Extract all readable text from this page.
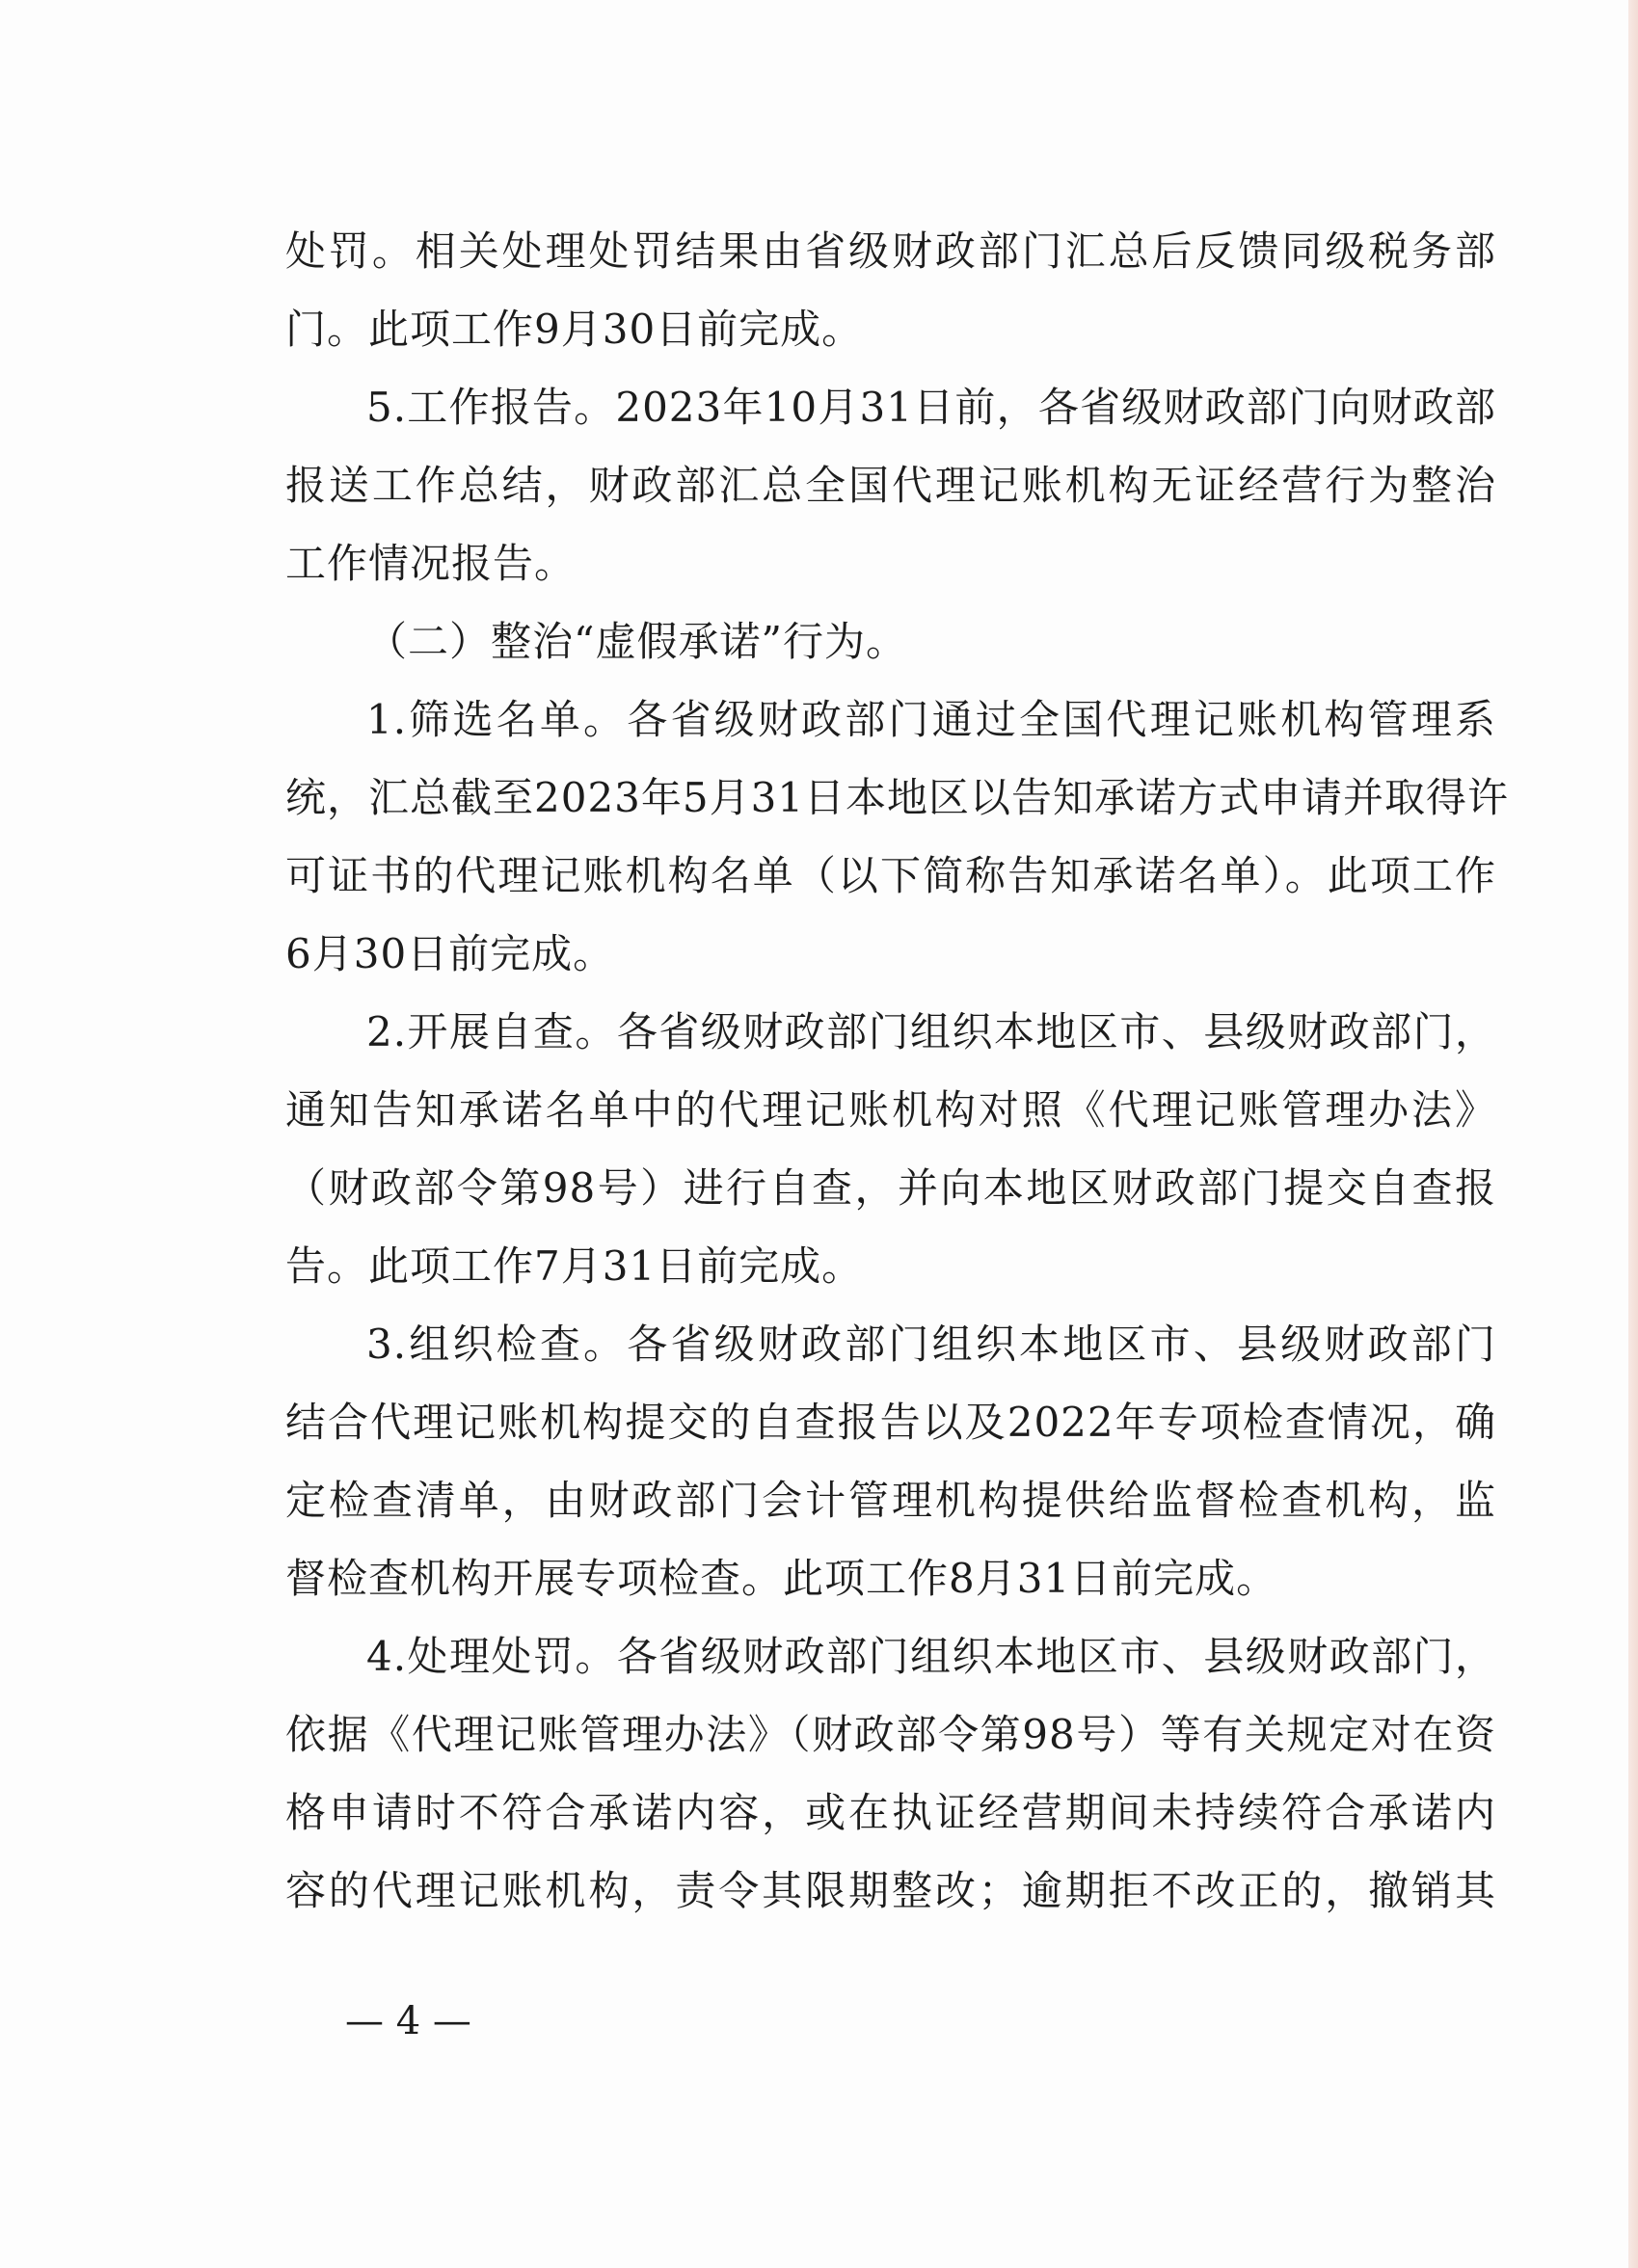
处罚。相关处理处罚结果由省级财政部门汇总后反馈同级税务部
门。此项工作9月30日前完成。
5.工作报告。2023年10月31日前，各省级财政部门向财政部
报送工作总结，财政部汇总全国代理记账机构无证经营行为整治
工作情况报告。
（二）整治“虚假承诺”行为。
1.筛选名单。各省级财政部门通过全国代理记账机构管理系
统，汇总截至2023年5月31日本地区以告知承诺方式申请并取得许
可证书的代理记账机构名单（以下简称告知承诺名单）。此项工作
6月30日前完成。
2.开展自查。各省级财政部门组织本地区市、县级财政部门，
通知告知承诺名单中的代理记账机构对照《代理记账管理办法》
（财政部令第98号）进行自查，并向本地区财政部门提交自查报
告。此项工作7月31日前完成。
3.组织检查。各省级财政部门组织本地区市、县级财政部门
结合代理记账机构提交的自查报告以及2022年专项检查情况，确
定检查清单，由财政部门会计管理机构提供给监督检查机构，监
督检查机构开展专项检查。此项工作8月31日前完成。
4.处理处罚。各省级财政部门组织本地区市、县级财政部门，
依据《代理记账管理办法》（财政部令第98号）等有关规定对在资
格申请时不符合承诺内容，或在执证经营期间未持续符合承诺内
容的代理记账机构，责令其限期整改；逾期拒不改正的，撤销其
— 4 —
